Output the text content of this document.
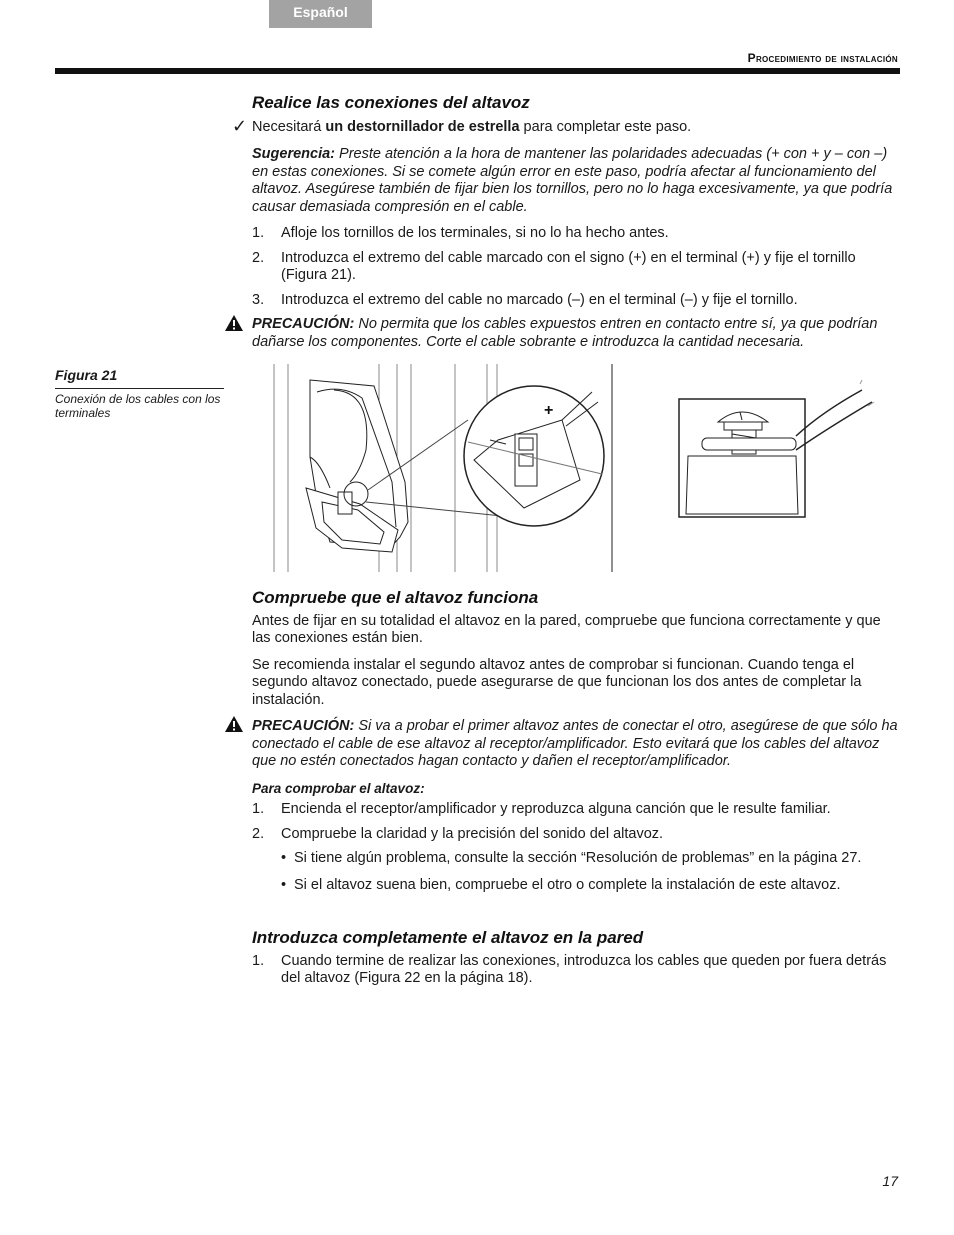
Español
Procedimiento de instalación
Realice las conexiones del altavoz

Necesitará un destornillador de estrella para completar este paso.

Sugerencia: Preste atención a la hora de mantener las polaridades adecuadas (+ con + y – con –) en estas conexiones. Si se comete algún error en este paso, podría afectar al funcionamiento del altavoz. Asegúrese también de fijar bien los tornillos, pero no lo haga excesivamente, ya que podría causar demasiada compresión en el cable.

1. Afloje los tornillos de los terminales, si no lo ha hecho antes.
2. Introduzca el extremo del cable marcado con el signo (+) en el terminal (+) y fije el tornillo (Figura 21).
3. Introduzca el extremo del cable no marcado (–) en el terminal (–) y fije el tornillo.

PRECAUCIÓN: No permita que los cables expuestos entren en contacto entre sí, ya que podrían dañarse los componentes. Corte el cable sobrante e introduzca la cantidad necesaria.

✓
Figura 21
Conexión de los cables con los terminales	+
Compruebe que el altavoz funciona

Antes de fijar en su totalidad el altavoz en la pared, compruebe que funciona correctamente y que las conexiones están bien.

Se recomienda instalar el segundo altavoz antes de comprobar si funcionan. Cuando tenga el segundo altavoz conectado, puede asegurarse de que funcionan los dos antes de completar la instalación.

PRECAUCIÓN: Si va a probar el primer altavoz antes de conectar el otro, asegúrese de que sólo ha conectado el cable de ese altavoz al receptor/amplificador. Esto evitará que los cables del altavoz que no estén conectados hagan contacto y dañen el receptor/amplificador.

Para comprobar el altavoz:

1. Encienda el receptor/amplificador y reproduzca alguna canción que le resulte familiar.
2. Compruebe la claridad y la precisión del sonido del altavoz.
• Si tiene algún problema, consulte la sección “Resolución de problemas” en la página 27.
• Si el altavoz suena bien, compruebe el otro o complete la instalación de este altavoz.
Introduzca completamente el altavoz en la pared
1. Cuando termine de realizar las conexiones, introduzca los cables que queden por fuera detrás del altavoz (Figura 22 en la página 18).
17
